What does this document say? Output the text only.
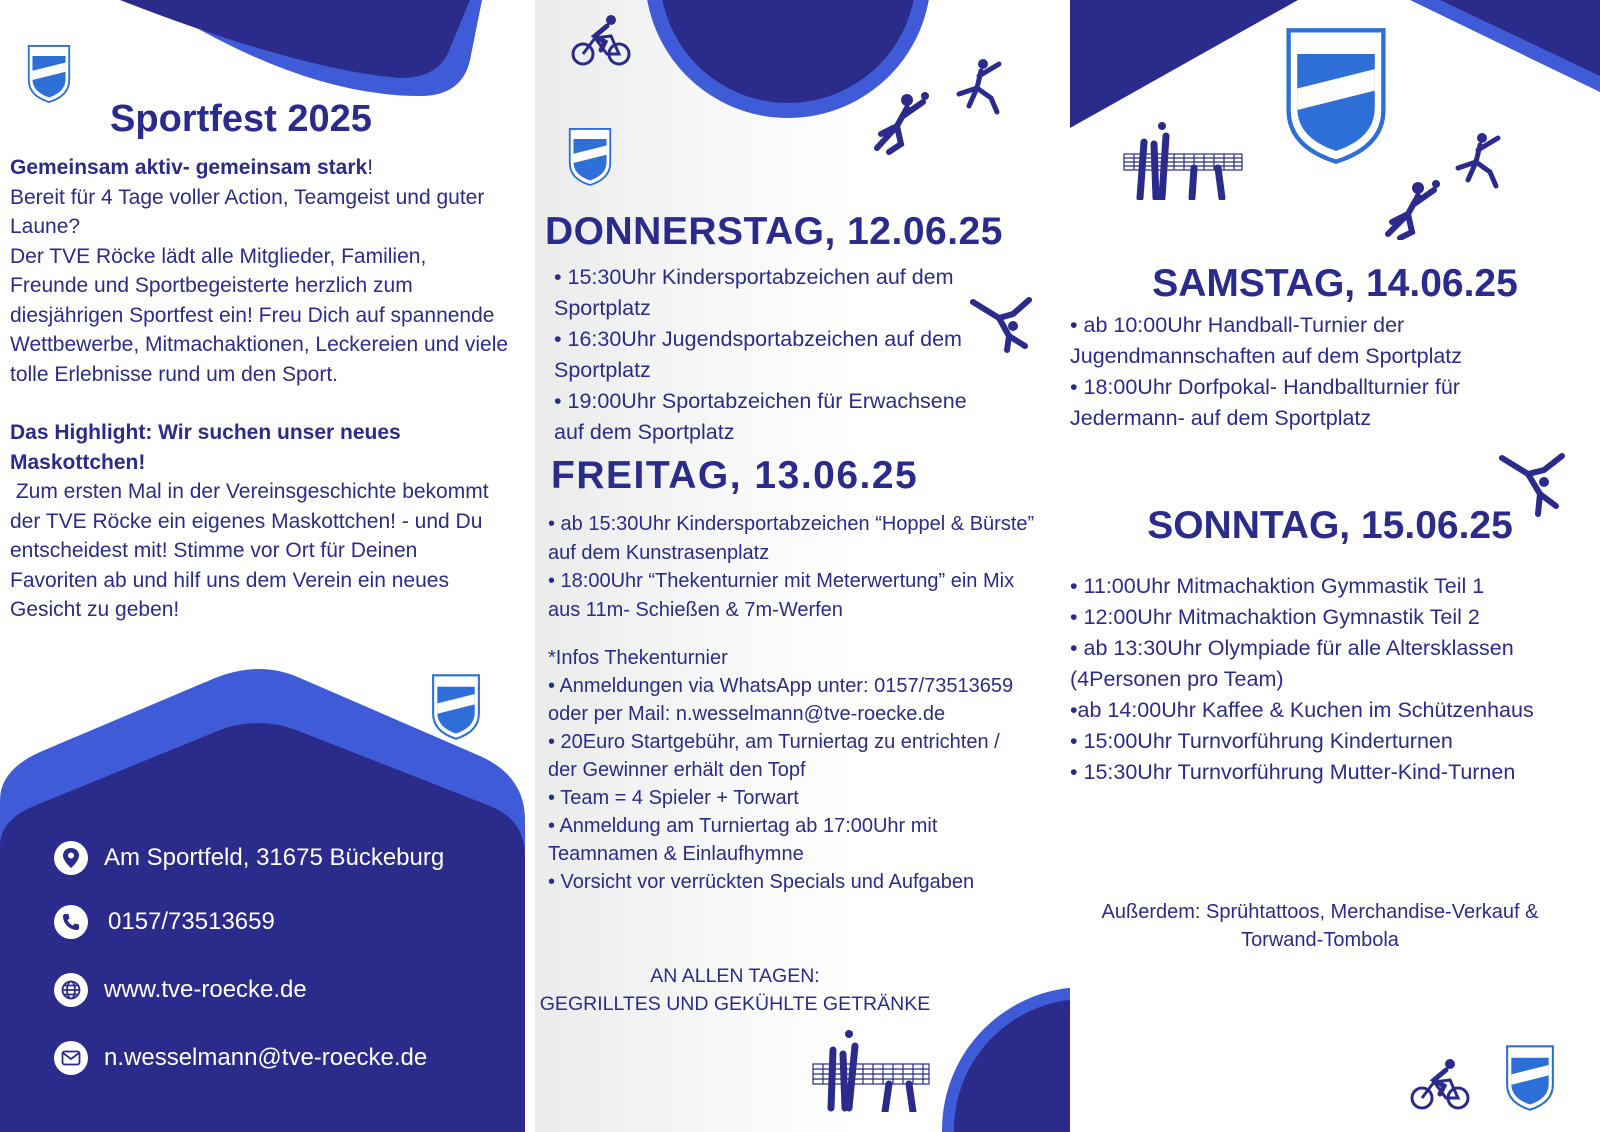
Sportfest 2025
Gemeinsam aktiv- gemeinsam stark!
Bereit für 4 Tage voller Action, Teamgeist und guter Laune?
Der TVE Röcke lädt alle Mitglieder, Familien, Freunde und Sportbegeisterte herzlich zum diesjährigen Sportfest ein! Freu Dich auf spannende Wettbewerbe, Mitmachaktionen, Leckereien und viele tolle Erlebnisse rund um den Sport.
Das Highlight: Wir suchen unser neues Maskottchen!
Zum ersten Mal in der Vereinsgeschichte bekommt der TVE Röcke ein eigenes Maskottchen! - und Du entscheidest mit! Stimme vor Ort für Deinen Favoriten ab und hilf uns dem Verein ein neues Gesicht zu geben!
Am Sportfeld, 31675 Bückeburg
0157/73513659
www.tve-roecke.de
n.wesselmann@tve-roecke.de
DONNERSTAG, 12.06.25
• 15:30Uhr Kindersportabzeichen auf dem Sportplatz
• 16:30Uhr Jugendsportabzeichen auf dem Sportplatz
• 19:00Uhr Sportabzeichen für Erwachsene auf dem Sportplatz
FREITAG, 13.06.25
• ab 15:30Uhr Kindersportabzeichen “Hoppel & Bürste” auf dem Kunstrasenplatz
• 18:00Uhr “Thekenturnier mit Meterwertung” ein Mix aus 11m- Schießen & 7m-Werfen
*Infos Thekenturnier
• Anmeldungen via WhatsApp unter: 0157/73513659 oder per Mail: n.wesselmann@tve-roecke.de
• 20Euro Startgebühr, am Turniertag zu entrichten / der Gewinner erhält den Topf
• Team = 4 Spieler + Torwart
• Anmeldung am Turniertag ab 17:00Uhr mit Teamnamen & Einlaufhymne
• Vorsicht vor verrückten Specials und Aufgaben
AN ALLEN TAGEN:
GEGRILLTES UND GEKÜHLTE GETRÄNKE
SAMSTAG, 14.06.25
• ab 10:00Uhr Handball-Turnier der Jugendmannschaften auf dem Sportplatz
• 18:00Uhr Dorfpokal- Handballturnier für Jedermann- auf dem Sportplatz
SONNTAG, 15.06.25
• 11:00Uhr Mitmachaktion Gymmastik Teil 1
• 12:00Uhr Mitmachaktion Gymnastik Teil 2
• ab 13:30Uhr Olympiade für alle Altersklassen (4Personen pro Team)
•ab 14:00Uhr Kaffee & Kuchen im Schützenhaus
• 15:00Uhr Turnvorführung Kinderturnen
• 15:30Uhr Turnvorführung Mutter-Kind-Turnen
Außerdem: Sprühtattoos, Merchandise-Verkauf & Torwand-Tombola
